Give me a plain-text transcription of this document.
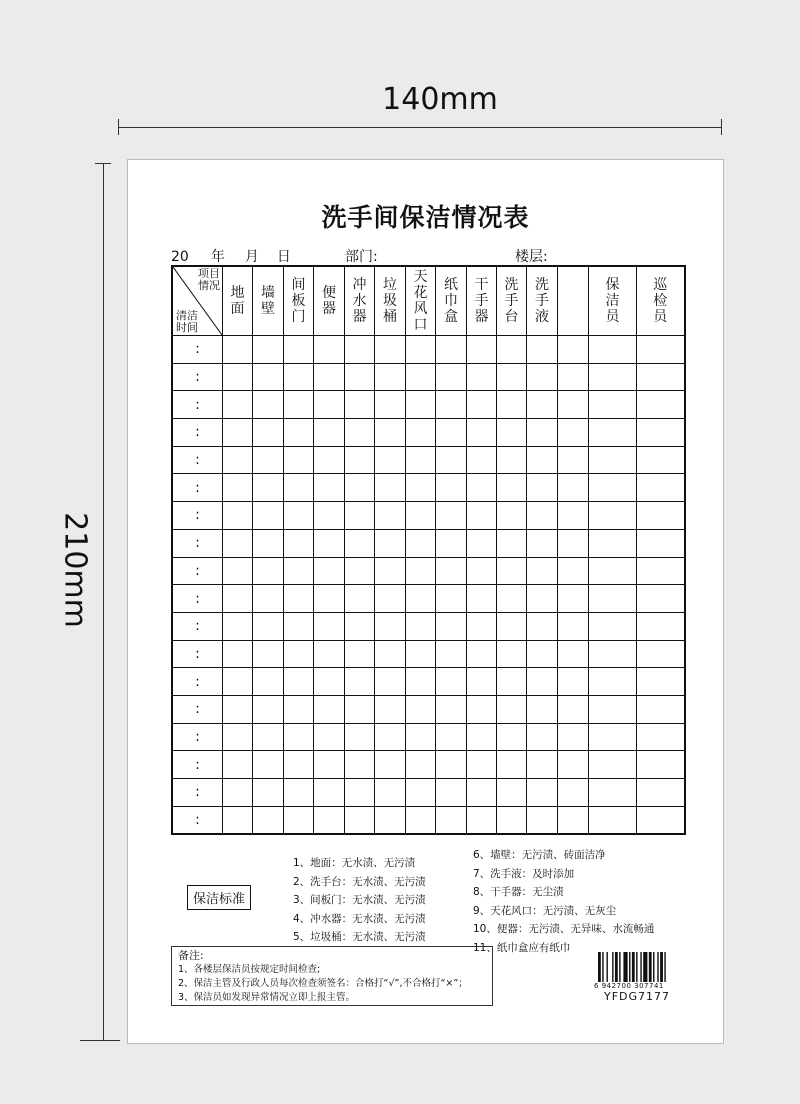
140mm
210mm
洗手间保洁情况表
20 年 月 日	部门:	楼层:
项目情况
清洁时间	地面	墙壁	间板门	便器	冲水器	垃圾桶	天花风口	纸巾盒	干手器	洗手台	洗手液		保洁员	巡检员
:														
:														
:														
:														
:														
:														
:														
:														
:														
:														
:														
:														
:														
:														
:														
:														
:														
:														
保洁标准
1、地面：无水渍、无污渍
2、洗手台：无水渍、无污渍
3、间板门：无水渍、无污渍
4、冲水器：无水渍、无污渍
5、垃圾桶：无水渍、无污渍
6、墙壁：无污渍、砖面洁净
7、洗手液：及时添加
8、干手器：无尘渍
9、天花风口：无污渍、无灰尘
10、便器：无污渍、无异味、水流畅通
11、纸巾盒应有纸巾
备注:
1、各楼层保洁员按规定时间检查;
2、保洁主管及行政人员每次检查须签名：合格打“√”,不合格打“×”；
3、保洁员如发现异常情况立即上报主管。
6 942700 307741
YFDG7177
